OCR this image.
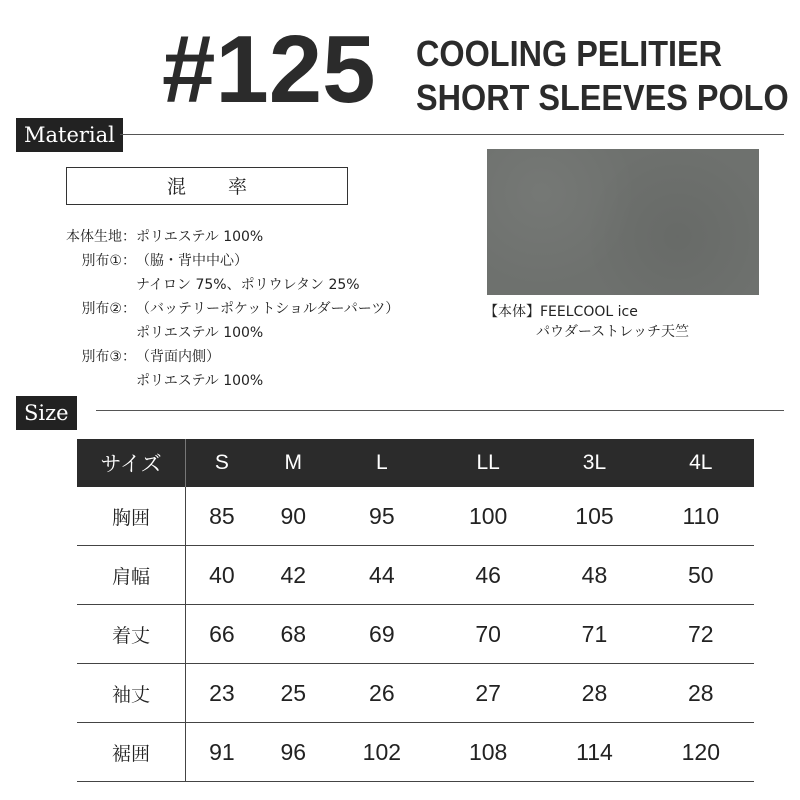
#125 COOLING PELITIER
SHORT SLEEVES POLO
Material
混 率
本体生地：ポリエステル 100%
別布①：（脇・背中中心）
ナイロン 75%、ポリウレタン 25%
別布②：（バッテリーポケットショルダーパーツ）
ポリエステル 100%
別布③：（背面内側）
ポリエステル 100%
【本体】FEELCOOL ice
パウダーストレッチ天竺
Size
サイズ	S	M	L	LL	3L	4L
胸囲	85	90	95	100	105	110
肩幅	40	42	44	46	48	50
着丈	66	68	69	70	71	72
袖丈	23	25	26	27	28	28
裾囲	91	96	102	108	114	120
